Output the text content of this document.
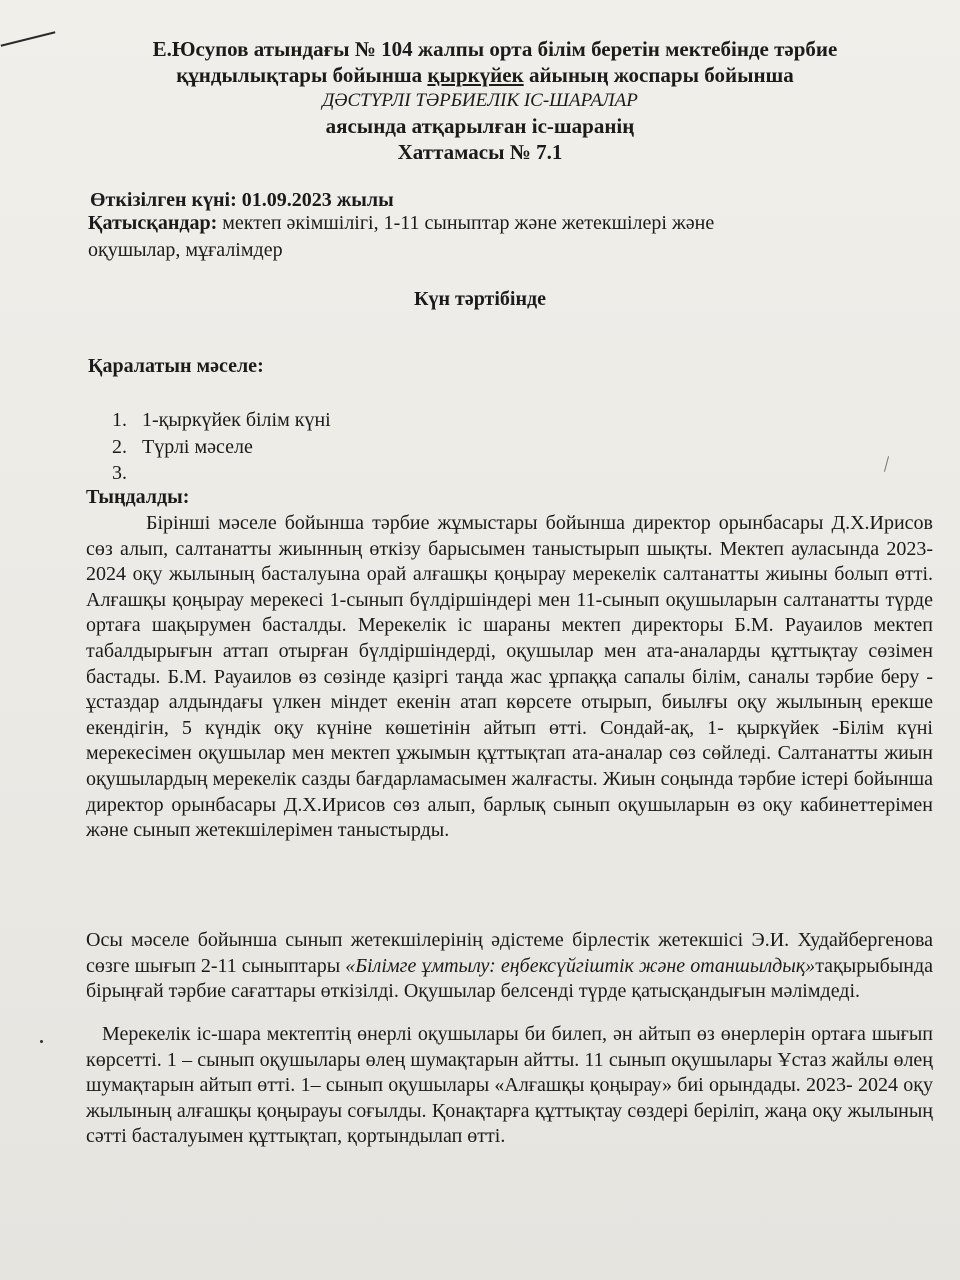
Е.Юсупов атындағы № 104 жалпы орта білім беретін мектебінде тәрбие
құндылықтары бойынша қыркүйек айының жоспары бойынша
ДӘСТҮРЛІ ТӘРБИЕЛІК ІС-ШАРАЛАР
аясында атқарылған іс-шаранің
Хаттамасы № 7.1
Өткізілген күні: 01.09.2023 жылы
Қатысқандар: мектеп әкімшілігі, 1-11 сыныптар және жетекшілері және
оқушылар, мұғалімдер
Күн тәртібінде
Қаралатын мәселе:
1. 1-қыркүйек білім күні
2. Түрлі мәселе
3.
Тыңдалды:
Бірінші мәселе бойынша тәрбие жұмыстары бойынша директор орынбасары Д.Х.Ирисов сөз алып, салтанатты жиынның өткізу барысымен таныстырып шықты. Мектеп ауласында 2023-2024 оқу жылының басталуына орай алғашқы қоңырау мерекелік салтанатты жиыны болып өтті. Алғашқы қоңырау мерекесі 1-сынып бүлдіршіндері мен 11-сынып оқушыларын салтанатты түрде ортаға шақырумен басталды. Мерекелік іс шараны мектеп директоры Б.М. Рауаилов мектеп табалдырығын аттап отырған бүлдіршіндерді, оқушылар мен ата-аналарды құттықтау сөзімен бастады. Б.М. Рауаилов өз сөзінде қазіргі таңда жас ұрпаққа сапалы білім, саналы тәрбие беру - ұстаздар алдындағы үлкен міндет екенін атап көрсете отырып, биылғы оқу жылының ерекше екендігін, 5 күндік оқу күніне көшетінін айтып өтті. Сондай-ақ, 1- қыркүйек -Білім күні мерекесімен оқушылар мен мектеп ұжымын құттықтап ата-аналар сөз сөйледі. Салтанатты жиын оқушылардың мерекелік сазды бағдарламасымен жалғасты. Жиын соңында тәрбие істері бойынша директор орынбасары Д.Х.Ирисов сөз алып, барлық сынып оқушыларын өз оқу кабинеттерімен және сынып жетекшілерімен таныстырды.
Осы мәселе бойынша сынып жетекшілерінің әдістеме бірлестік жетекшісі Э.И. Худайбергенова сөзге шығып 2-11 сыныптары «Білімге ұмтылу: еңбексүйгіштік және отаншылдық»тақырыбында бірыңғай тәрбие сағаттары өткізілді. Оқушылар белсенді түрде қатысқандығын мәлімдеді.
Мерекелік іс-шара мектептің өнерлі оқушылары би билеп, ән айтып өз өнерлерін ортаға шығып көрсетті. 1 – сынып оқушылары өлең шумақтарын айтты. 11 сынып оқушылары Ұстаз жайлы өлең шумақтарын айтып өтті. 1– сынып оқушылары «Алғашқы қоңырау» биі орындады. 2023- 2024 оқу жылының алғашқы қоңырауы соғылды. Қонақтарға құттықтау сөздері беріліп, жаңа оқу жылының сәтті басталуымен құттықтап, қортындылап өтті.
